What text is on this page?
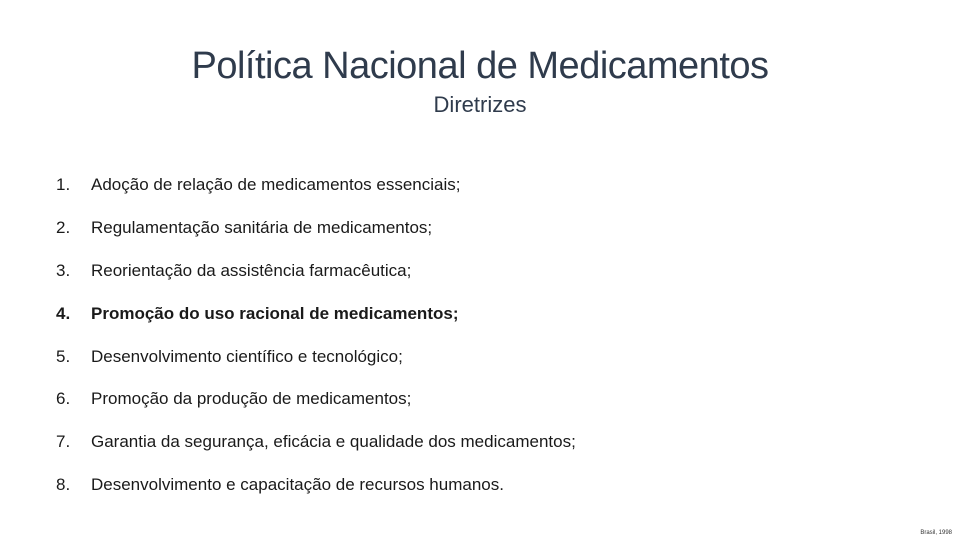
Política Nacional de Medicamentos
Diretrizes
1.	Adoção de relação de medicamentos essenciais;
2.	Regulamentação sanitária de medicamentos;
3.	Reorientação da assistência farmacêutica;
4.	Promoção do uso racional de medicamentos;
5.	Desenvolvimento científico e tecnológico;
6.	Promoção da produção de medicamentos;
7.	Garantia da segurança, eficácia e qualidade dos medicamentos;
8.	Desenvolvimento e capacitação de recursos humanos.
Brasil, 1998
